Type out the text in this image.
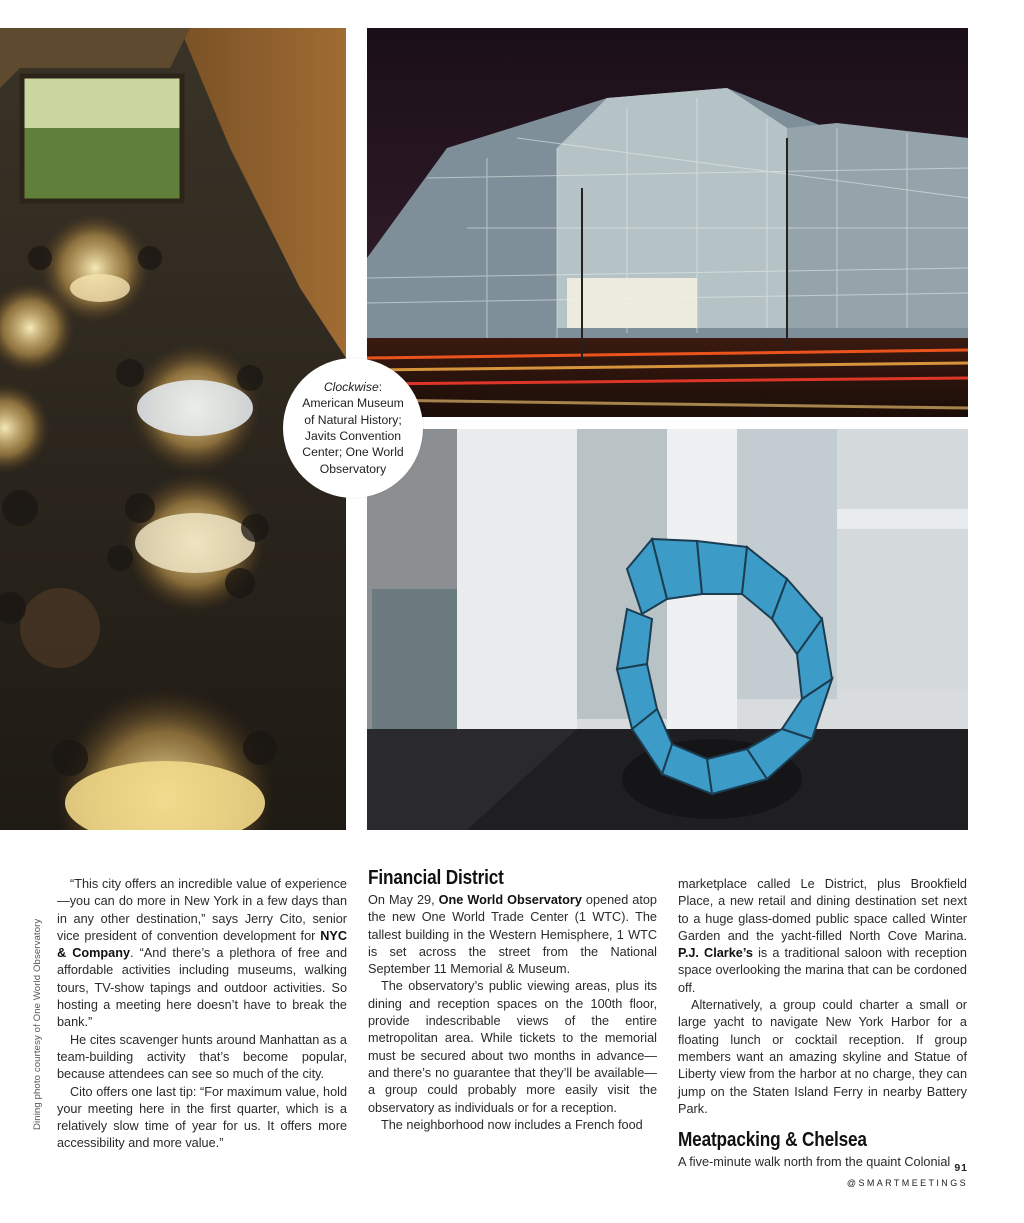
Clockwise:
American Museum
of Natural History;
Javits Convention
Center; One World
Observatory
Dining photo courtesy of One World Observatory

“This city offers an incredible value of experience—you can do more in New York in a few days than in any other destination,” says Jerry Cito, senior vice president of convention development for NYC & Company. “And there’s a plethora of free and affordable activities including museums, walking tours, TV-show tapings and outdoor activities. So hosting a meeting here doesn’t have to break the bank.”

He cites scavenger hunts around Manhattan as a team-building activity that’s become popular, because attendees can see so much of the city.

Cito offers one last tip: “For maximum value, hold your meeting here in the first quarter, which is a relatively slow time of year for us. It offers more accessibility and more value.”

Financial District

On May 29, One World Observatory opened atop the new One World Trade Center (1 WTC). The tallest building in the Western Hemisphere, 1 WTC is set across the street from the National September 11 Memorial & Museum.

The observatory’s public viewing areas, plus its dining and reception spaces on the 100th floor, provide indescribable views of the entire metropolitan area. While tickets to the memorial must be secured about two months in advance—and there’s no guarantee that they’ll be available—a group could probably more easily visit the observatory as individuals or for a reception.

The neighborhood now includes a French food

marketplace called Le District, plus Brookfield Place, a new retail and dining destination set next to a huge glass-domed public space called Winter Garden and the yacht-filled North Cove Marina. P.J. Clarke’s is a traditional saloon with reception space overlooking the marina that can be cordoned off.

Alternatively, a group could charter a small or large yacht to navigate New York Harbor for a floating lunch or cocktail reception. If group members want an amazing skyline and Statue of Liberty view from the harbor at no charge, they can jump on the Staten Island Ferry in nearby Battery Park.

Meatpacking & Chelsea

A five-minute walk north from the quaint Colonial 91
@SMARTMEETINGS
